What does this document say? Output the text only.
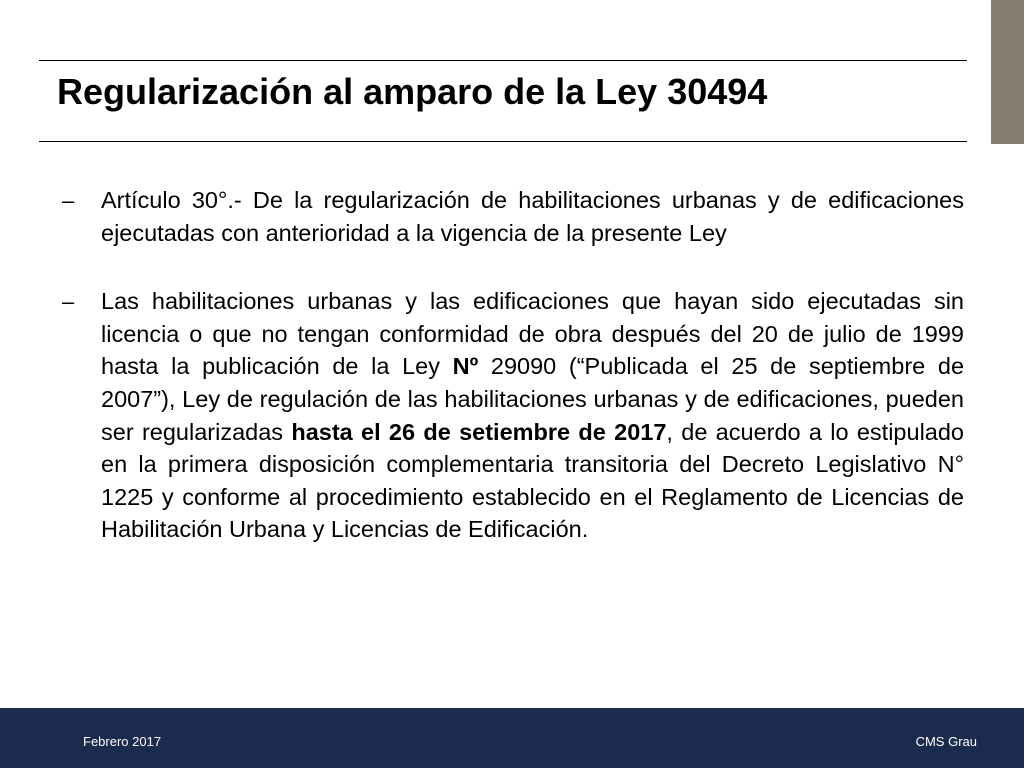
Regularización al amparo de la Ley 30494
–	Artículo 30°.- De la regularización de habilitaciones urbanas y de edificaciones ejecutadas con anterioridad a la vigencia de la presente Ley
–	Las habilitaciones urbanas y las edificaciones que hayan sido ejecutadas sin licencia o que no tengan conformidad de obra después del 20 de julio de 1999 hasta la publicación de la Ley Nº 29090 (“Publicada el 25 de septiembre de 2007”), Ley de regulación de las habilitaciones urbanas y de edificaciones, pueden ser regularizadas hasta el 26 de setiembre de 2017, de acuerdo a lo estipulado en la primera disposición complementaria transitoria del Decreto Legislativo N° 1225 y conforme al procedimiento establecido en el Reglamento de Licencias de Habilitación Urbana y Licencias de Edificación.
Febrero 2017	CMS Grau
